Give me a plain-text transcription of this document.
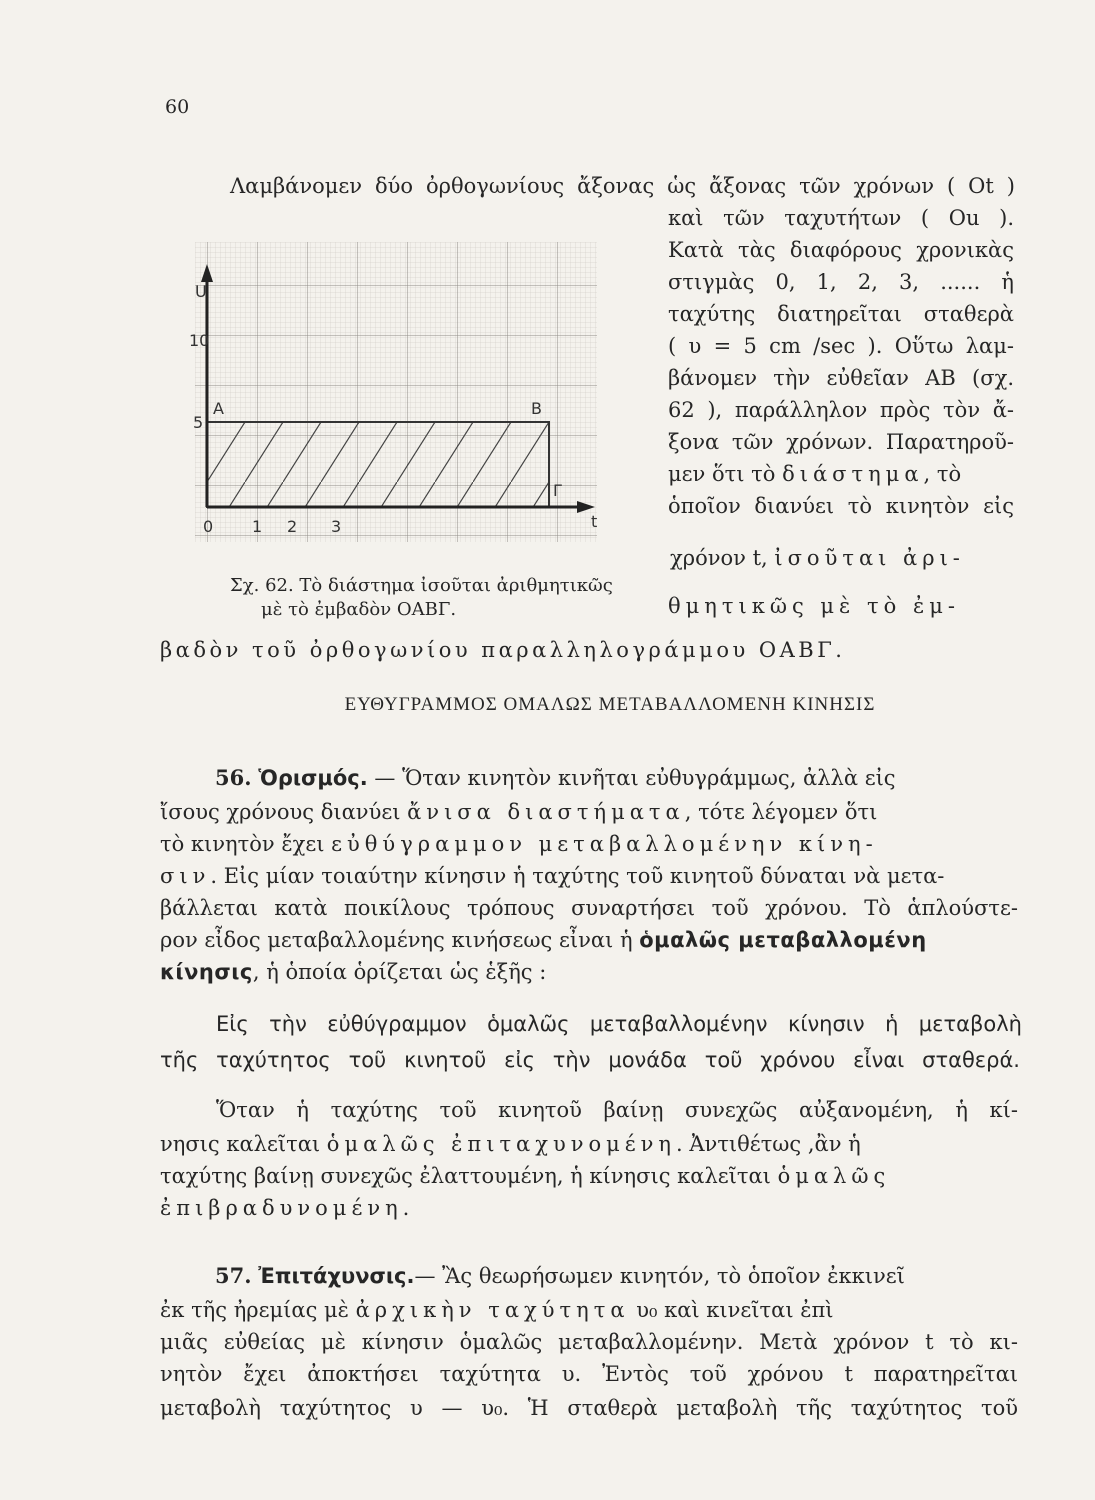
60
Λαμβάνομεν δύο ὀρθογωνίους ἄξονας ὡς ἄξονας τῶν χρόνων ( Ot )
καὶ τῶν ταχυτήτων ( Ou ).
Κατὰ τὰς διαφόρους χρονικὰς
στιγμὰς 0, 1, 2, 3, ...... ἡ
ταχύτης διατηρεῖται σταθερὰ
( υ = 5 cm /sec ). Οὕτω λαμ-
βάνομεν τὴν εὐθεῖαν AB (σχ.
62 ), παράλληλον πρὸς τὸν ἄ-
ξονα τῶν χρόνων. Παρατηροῦ-
μεν ὅτι τὸ διάστημα, τὸ
ὁποῖον διανύει τὸ κινητὸν εἰς
χρόνον t, ἰσοῦται ἀρι-
θμητικῶς μὲ τὸ ἐμ-
βαδὸν τοῦ ὀρθογωνίου παραλληλογράμμου ΟΑΒΓ.
U
t
10
5
A	B
Γ
0 1 2 3
Σχ. 62. Τὸ διάστημα ἰσοῦται ἀριθμητικῶς
μὲ τὸ ἐμβαδὸν ΟΑΒΓ.
ΕΥΘΥΓΡΑΜΜΟΣ ΟΜΑΛΩΣ ΜΕΤΑΒΑΛΛΟΜΕΝΗ ΚΙΝΗΣΙΣ
56. Ὁρισμός. — Ὅταν κινητὸν κινῆται εὐθυγράμμως, ἀλλὰ εἰς
ἴσους χρόνους διανύει ἄνισα διαστήματα, τότε λέγομεν ὅτι
τὸ κινητὸν ἔχει εὐθύγραμμον μεταβαλλομένην κίνη-
σιν. Εἰς μίαν τοιαύτην κίνησιν ἡ ταχύτης τοῦ κινητοῦ δύναται νὰ μετα-
βάλλεται κατὰ ποικίλους τρόπους συναρτήσει τοῦ χρόνου. Τὸ ἁπλούστε-
ρον εἶδος μεταβαλλομένης κινήσεως εἶναι ἡ ὁμαλῶς μεταβαλλομένη
κίνησις, ἡ ὁποία ὁρίζεται ὡς ἑξῆς :
Εἰς τὴν εὐθύγραμμον ὁμαλῶς μεταβαλλομένην κίνησιν ἡ μεταβολὴ
τῆς ταχύτητος τοῦ κινητοῦ εἰς τὴν μονάδα τοῦ χρόνου εἶναι σταθερά.
Ὅταν ἡ ταχύτης τοῦ κινητοῦ βαίνῃ συνεχῶς αὐξανομένη, ἡ κί-
νησις καλεῖται ὁμαλῶς ἐπιταχυνομένη. Ἀντιθέτως ,ἂν ἡ
ταχύτης βαίνῃ συνεχῶς ἐλαττουμένη, ἡ κίνησις καλεῖται ὁμαλῶς
ἐπιβραδυνομένη.
57. Ἐπιτάχυνσις.— Ἂς θεωρήσωμεν κινητόν, τὸ ὁποῖον ἐκκινεῖ
ἐκ τῆς ἠρεμίας μὲ ἀρχικὴν ταχύτητα υ₀ καὶ κινεῖται ἐπὶ
μιᾶς εὐθείας μὲ κίνησιν ὁμαλῶς μεταβαλλομένην. Μετὰ χρόνον t τὸ κι-
νητὸν ἔχει ἀποκτήσει ταχύτητα υ. Ἐντὸς τοῦ χρόνου t παρατηρεῖται
μεταβολὴ ταχύτητος υ — υ₀. Ἡ σταθερὰ μεταβολὴ τῆς ταχύτητος τοῦ
